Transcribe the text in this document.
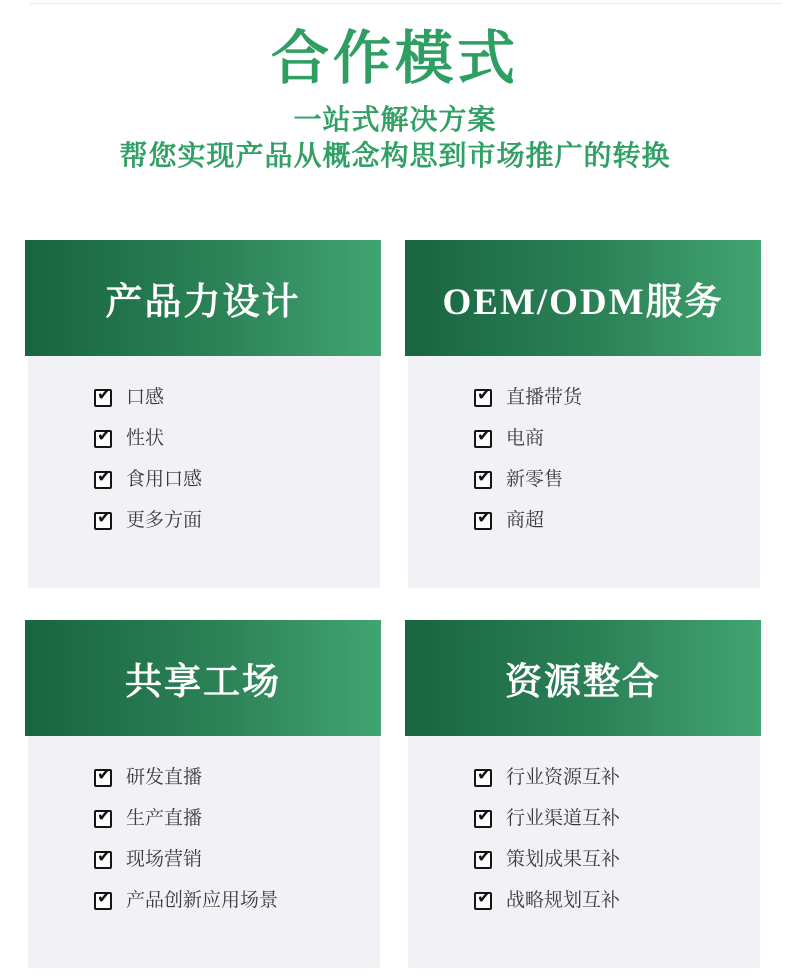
合作模式
一站式解决方案
帮您实现产品从概念构思到市场推广的转换
产品力设计
✔ 口感
✔ 性状
✔ 食用口感
✔ 更多方面
OEM/ODM服务
✔ 直播带货
✔ 电商
✔ 新零售
✔ 商超
共享工场
✔ 研发直播
✔ 生产直播
✔ 现场营销
✔ 产品创新应用场景
资源整合
✔ 行业资源互补
✔ 行业渠道互补
✔ 策划成果互补
✔ 战略规划互补
